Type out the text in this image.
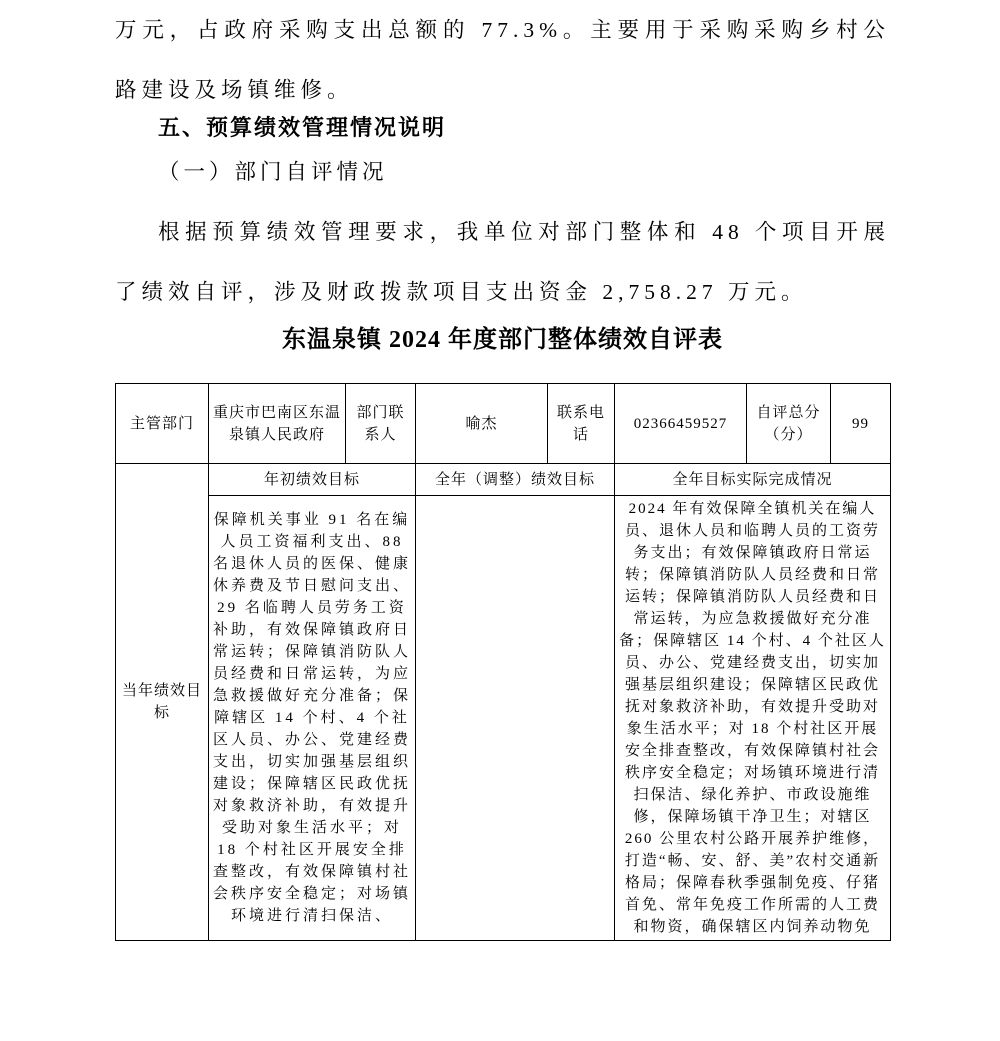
万元，占政府采购支出总额的 77.3%。主要用于采购采购乡村公路建设及场镇维修。

五、预算绩效管理情况说明
（一）部门自评情况

根据预算绩效管理要求，我单位对部门整体和 48 个项目开展了绩效自评，涉及财政拨款项目支出资金 2,758.27 万元。

东温泉镇 2024 年度部门整体绩效自评表
主管部门	重庆市巴南区东温泉镇人民政府	部门联系人	喻杰	联系电话	02366459527	自评总分（分）	99
当年绩效目标	年初绩效目标		全年（调整）绩效目标		全年目标实际完成情况		
保障机关事业 91 名在编人员工资福利支出、88 名退休人员的医保、健康休养费及节日慰问支出、29 名临聘人员劳务工资补助，有效保障镇政府日常运转；保障镇消防队人员经费和日常运转，为应急救援做好充分准备；保障辖区 14 个村、4 个社区人员、办公、党建经费支出，切实加强基层组织建设；保障辖区民政优抚对象救济补助，有效提升受助对象生活水平；对 18 个村社区开展安全排查整改，有效保障镇村社会秩序安全稳定；对场镇环境进行清扫保洁、		2024 年有效保障全镇机关在编人员、退休人员和临聘人员的工资劳务支出；有效保障镇政府日常运转；保障镇消防队人员经费和日常运转；保障镇消防队人员经费和日常运转，为应急救援做好充分准备；保障辖区 14 个村、4 个社区人员、办公、党建经费支出，切实加强基层组织建设；保障辖区民政优抚对象救济补助，有效提升受助对象生活水平；对 18 个村社区开展安全排查整改，有效保障镇村社会秩序安全稳定；对场镇环境进行清扫保洁、绿化养护、市政设施维修，保障场镇干净卫生；对辖区 260 公里农村公路开展养护维修，打造“畅、安、舒、美”农村交通新格局；保障春秋季强制免疫、仔猪首免、常年免疫工作所需的人工费和物资，确保辖区内饲养动物免
